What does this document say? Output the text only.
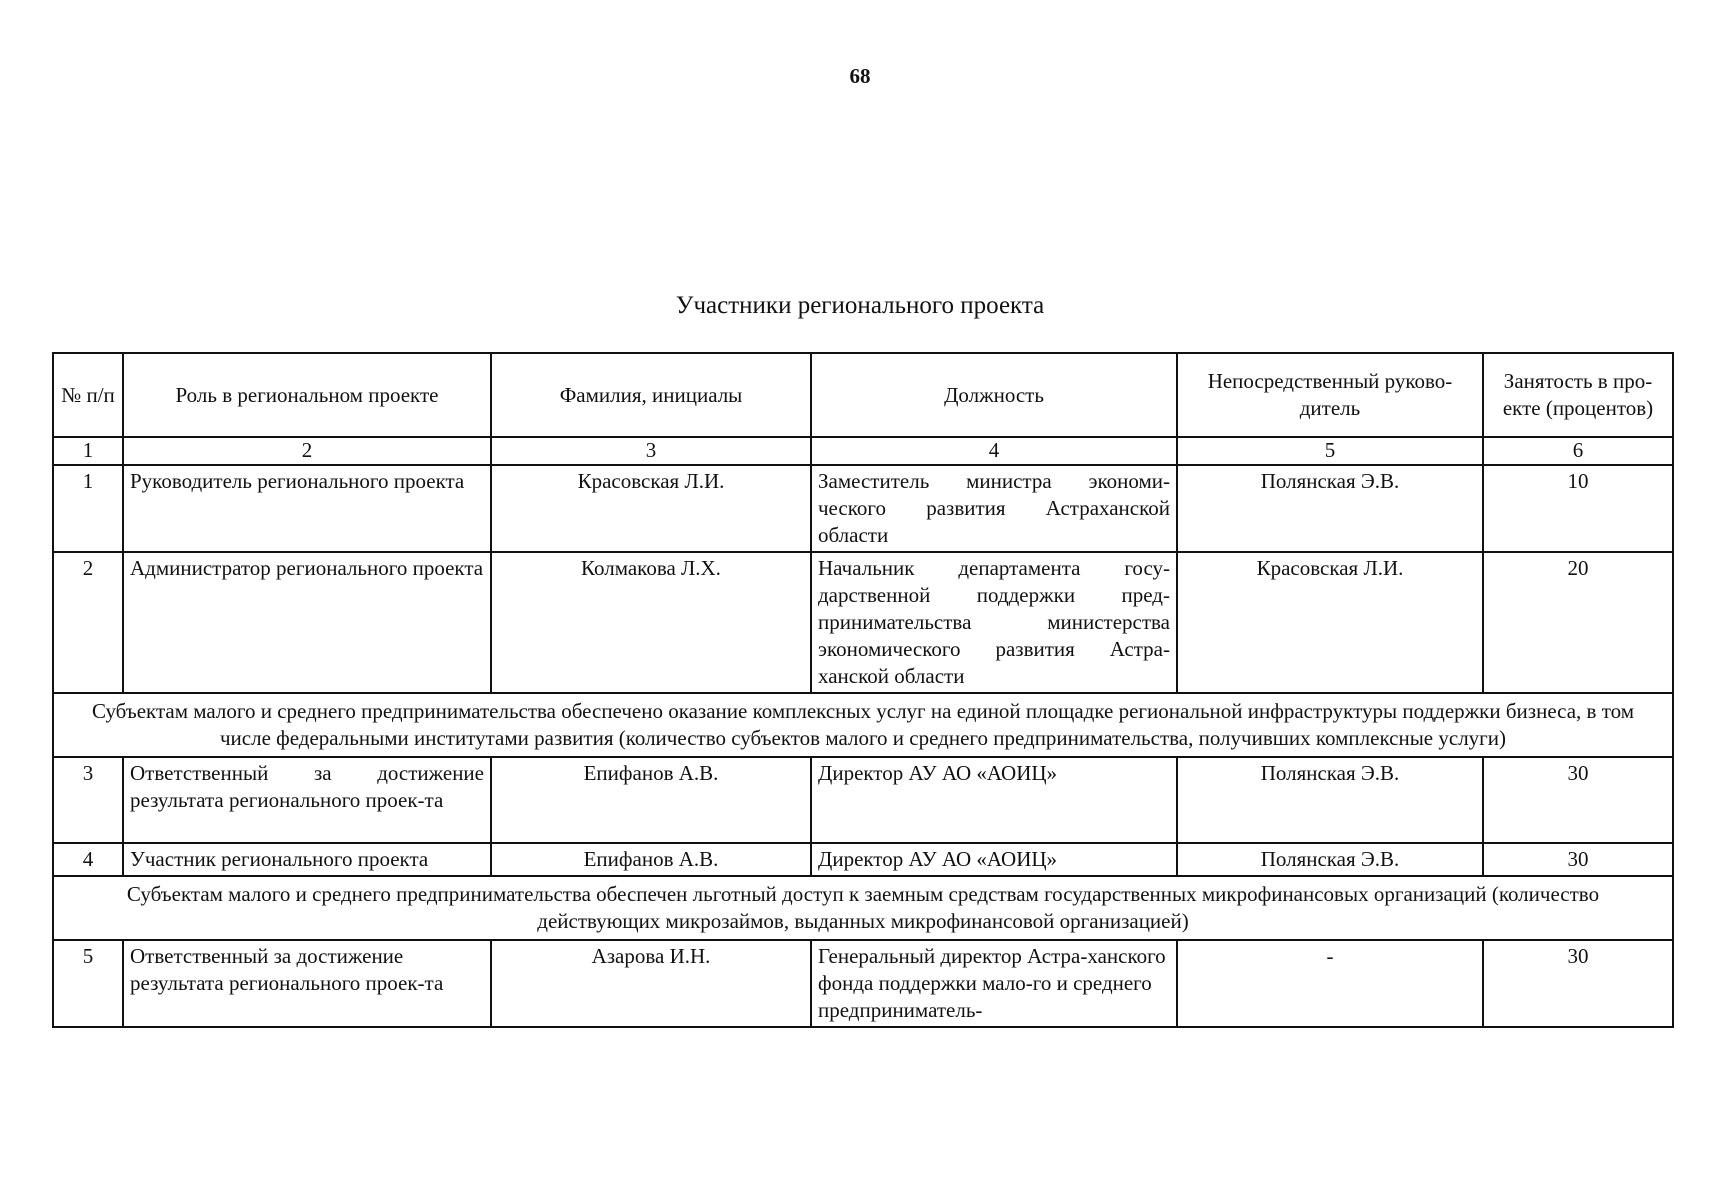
68
Участники регионального проекта
№ п/п	Роль в региональном проекте	Фамилия, инициалы	Должность	Непосредственный руково-дитель	Занятость в про-екте (процентов)
1	2	3	4	5	6
1	Руководитель регионального проекта	Красовская Л.И.	Заместитель министра экономи-ческого развития Астраханской области	Полянская Э.В.	10
2	Администратор регионального проекта	Колмакова Л.Х.	Начальник департамента госу-дарственной поддержки пред-принимательства министерства экономического развития Астра-ханской области	Красовская Л.И.	20
Субъектам малого и среднего предпринимательства обеспечено оказание комплексных услуг на единой площадке региональной инфраструктуры поддержки бизнеса, в том числе федеральными институтами развития (количество субъектов малого и среднего предпринимательства, получивших комплексные услуги)					
3	Ответственный за достижение результата регионального проек-та	Епифанов А.В.	Директор АУ АО «АОИЦ»	Полянская Э.В.	30
4	Участник регионального проекта	Епифанов А.В.	Директор АУ АО «АОИЦ»	Полянская Э.В.	30
Субъектам малого и среднего предпринимательства обеспечен льготный доступ к заемным средствам государственных микрофинансовых организаций (количество действующих микрозаймов, выданных микрофинансовой организацией)					
5	Ответственный за достижение результата регионального проек-та	Азарова И.Н.	Генеральный директор Астра-ханского фонда поддержки мало-го и среднего предприниматель-	-	30
